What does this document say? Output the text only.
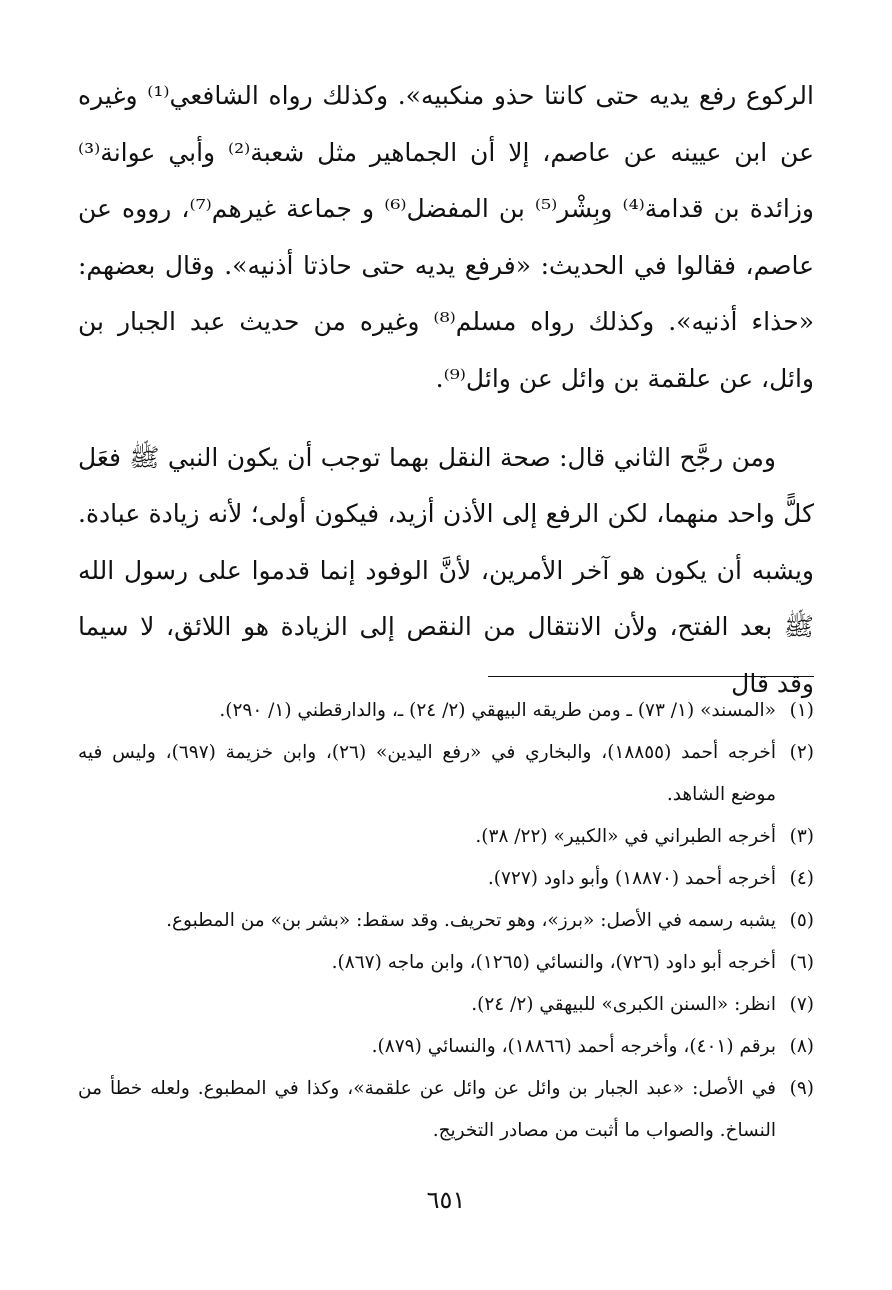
الركوع رفع يديه حتى كانتا حذو منكبيه». وكذلك رواه الشافعي⁽¹⁾ وغيره عن ابن عيينه عن عاصم، إلا أن الجماهير مثل شعبة⁽²⁾ وأبي عوانة⁽³⁾ وزائدة بن قدامة⁽⁴⁾ وبِشْر⁽⁵⁾ بن المفضل⁽⁶⁾ و جماعة غيرهم⁽⁷⁾، رووه عن عاصم، فقالوا في الحديث: «فرفع يديه حتى حاذتا أذنيه». وقال بعضهم: «حذاء أذنيه». وكذلك رواه مسلم⁽⁸⁾ وغيره من حديث عبد الجبار بن وائل، عن علقمة بن وائل عن وائل⁽⁹⁾.

ومن رجَّح الثاني قال: صحة النقل بهما توجب أن يكون النبي ﷺ فعَل كلًّ واحد منهما، لكن الرفع إلى الأذن أزيد، فيكون أولى؛ لأنه زيادة عبادة. ويشبه أن يكون هو آخر الأمرين، لأنَّ الوفود إنما قدموا على رسول الله ﷺ بعد الفتح، ولأن الانتقال من النقص إلى الزيادة هو اللائق، لا سيما وقد قال

(١)
«المسند» (١/ ٧٣) ـ ومن طريقه البيهقي (٢/ ٢٤) ـ، والدارقطني (١/ ٢٩٠).
(٢)
أخرجه أحمد (١٨٨٥٥)، والبخاري في «رفع اليدين» (٢٦)، وابن خزيمة (٦٩٧)، وليس فيه موضع الشاهد.
(٣)
أخرجه الطبراني في «الكبير» (٢٢/ ٣٨).
(٤)
أخرجه أحمد (١٨٨٧٠) وأبو داود (٧٢٧).
(٥)
يشبه رسمه في الأصل: «برز»، وهو تحريف. وقد سقط: «بشر بن» من المطبوع.
(٦)
أخرجه أبو داود (٧٢٦)، والنسائي (١٢٦٥)، وابن ماجه (٨٦٧).
(٧)
انظر: «السنن الكبرى» للبيهقي (٢/ ٢٤).
(٨)
برقم (٤٠١)، وأخرجه أحمد (١٨٨٦٦)، والنسائي (٨٧٩).
(٩)
في الأصل: «عبد الجبار بن وائل عن وائل عن علقمة»، وكذا في المطبوع. ولعله خطأ من النساخ. والصواب ما أثبت من مصادر التخريج.
٦٥١
